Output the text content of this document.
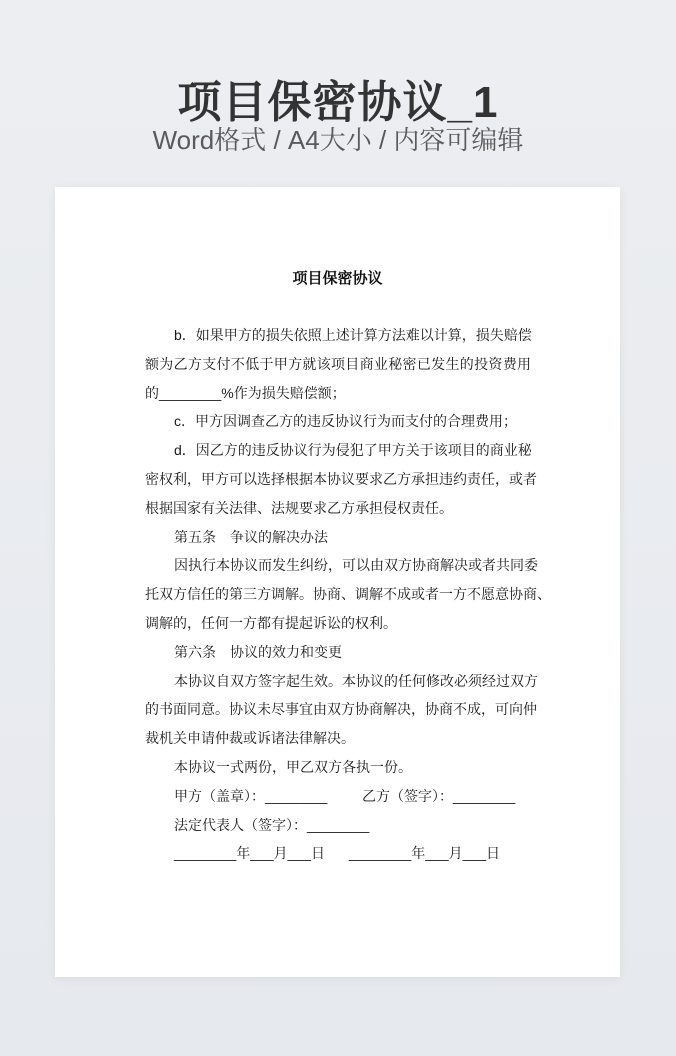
项目保密协议_1
Word格式 / A4大小 / 内容可编辑
项目保密协议
b．如果甲方的损失依照上述计算方法难以计算，损失赔偿
额为乙方支付不低于甲方就该项目商业秘密已发生的投资费用
的________%作为损失赔偿额；
c．甲方因调查乙方的违反协议行为而支付的合理费用；
d．因乙方的违反协议行为侵犯了甲方关于该项目的商业秘
密权利，甲方可以选择根据本协议要求乙方承担违约责任，或者
根据国家有关法律、法规要求乙方承担侵权责任。
第五条　争议的解决办法
因执行本协议而发生纠纷，可以由双方协商解决或者共同委
托双方信任的第三方调解。协商、调解不成或者一方不愿意协商、
调解的，任何一方都有提起诉讼的权利。
第六条　协议的效力和变更
本协议自双方签字起生效。本协议的任何修改必须经过双方
的书面同意。协议未尽事宜由双方协商解决，协商不成，可向仲
裁机关申请仲裁或诉诸法律解决。
本协议一式两份，甲乙双方各执一份。
甲方（盖章）：________	乙方（签字）：________
法定代表人（签字）：________
________年___月___日	________年___月___日
